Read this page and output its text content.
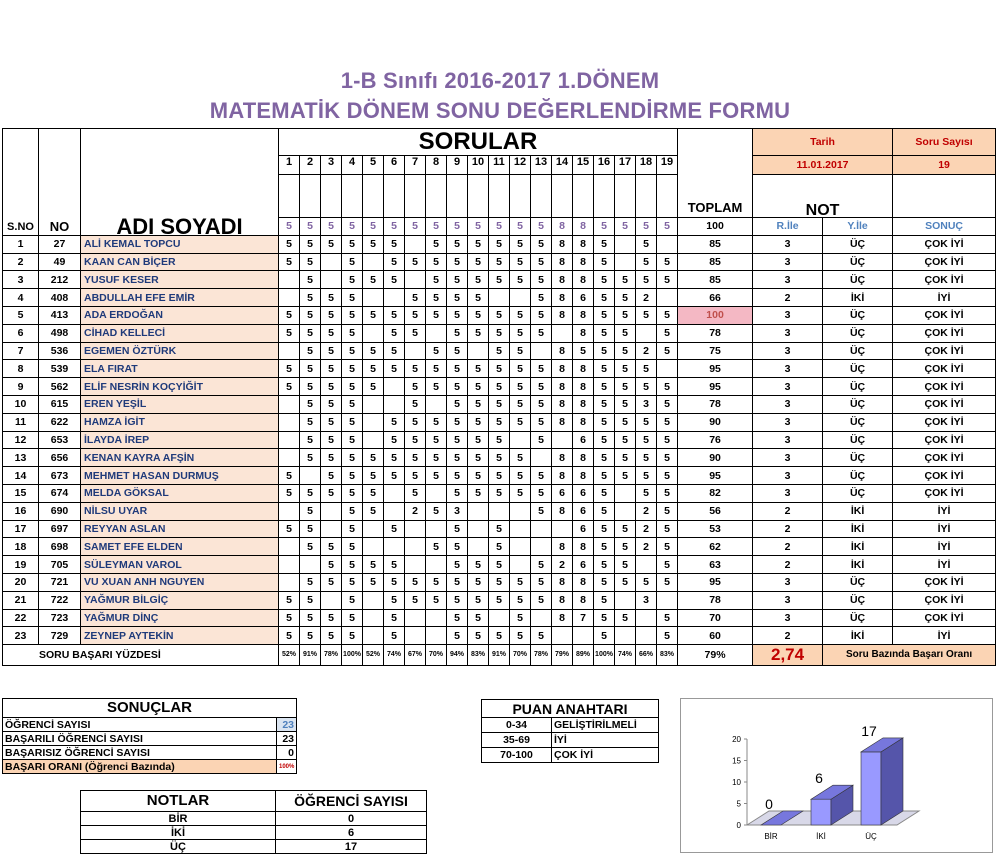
1-B Sınıfı 2016-2017 1.DÖNEM
MATEMATİK DÖNEM SONU DEĞERLENDİRME FORMU
S.NO	NO	ADI SOYADI	SORULAR																			TOPLAM	Tarih		Soru Sayısı
			1	2	3	4	5	6	7	8	9	10	11	12	13	14	15	16	17	18	19		11.01.2017		19
																							NOT		
			5	5	5	5	5	5	5	5	5	5	5	5	5	8	8	5	5	5	5	100	R.İle	Y.İle	SONUÇ
1	27	ALİ KEMAL TOPCU	5	5	5	5	5	5		5	5	5	5	5	5	8	8	5		5		85	3	ÜÇ	ÇOK İYİ
2	49	KAAN CAN BİÇER	5	5		5		5	5	5	5	5	5	5	5	8	8	5		5	5	85	3	ÜÇ	ÇOK İYİ
3	212	YUSUF KESER		5		5	5	5		5	5	5	5	5	5	8	8	5	5	5	5	85	3	ÜÇ	ÇOK İYİ
4	408	ABDULLAH EFE EMİR		5	5	5			5	5	5	5			5	8	6	5	5	2		66	2	İKİ	İYİ
5	413	ADA ERDOĞAN	5	5	5	5	5	5	5	5	5	5	5	5	5	8	8	5	5	5	5	100	3	ÜÇ	ÇOK İYİ
6	498	CİHAD KELLECİ	5	5	5	5		5	5		5	5	5	5	5		8	5	5		5	78	3	ÜÇ	ÇOK İYİ
7	536	EGEMEN ÖZTÜRK		5	5	5	5	5		5	5		5	5		8	5	5	5	2	5	75	3	ÜÇ	ÇOK İYİ
8	539	ELA FIRAT	5	5	5	5	5	5	5	5	5	5	5	5	5	8	8	5	5	5		95	3	ÜÇ	ÇOK İYİ
9	562	ELİF NESRİN KOÇYİĞİT	5	5	5	5	5		5	5	5	5	5	5	5	8	8	5	5	5	5	95	3	ÜÇ	ÇOK İYİ
10	615	EREN YEŞİL		5	5	5			5		5	5	5	5	5	8	8	5	5	3	5	78	3	ÜÇ	ÇOK İYİ
11	622	HAMZA İGİT		5	5	5		5	5	5	5	5	5	5	5	8	8	5	5	5	5	90	3	ÜÇ	ÇOK İYİ
12	653	İLAYDA İREP		5	5	5		5	5	5	5	5	5		5		6	5	5	5	5	76	3	ÜÇ	ÇOK İYİ
13	656	KENAN KAYRA AFŞİN		5	5	5	5	5	5	5	5	5	5	5		8	8	5	5	5	5	90	3	ÜÇ	ÇOK İYİ
14	673	MEHMET HASAN DURMUŞ	5		5	5	5	5	5	5	5	5	5	5	5	8	8	5	5	5	5	95	3	ÜÇ	ÇOK İYİ
15	674	MELDA GÖKSAL	5	5	5	5	5		5		5	5	5	5	5	6	6	5		5	5	82	3	ÜÇ	ÇOK İYİ
16	690	NİLSU UYAR		5		5	5		2	5	3				5	8	6	5		2	5	56	2	İKİ	İYİ
17	697	REYYAN ASLAN	5	5		5		5			5		5				6	5	5	2	5	53	2	İKİ	İYİ
18	698	SAMET EFE ELDEN		5	5	5				5	5		5			8	8	5	5	2	5	62	2	İKİ	İYİ
19	705	SÜLEYMAN VAROL			5	5	5	5			5	5	5		5	2	6	5	5		5	63	2	İKİ	İYİ
20	721	VU XUAN ANH NGUYEN		5	5	5	5	5	5	5	5	5	5	5	5	8	8	5	5	5	5	95	3	ÜÇ	ÇOK İYİ
21	722	YAĞMUR BİLGİÇ	5	5		5		5	5	5	5	5	5	5	5	8	8	5		3		78	3	ÜÇ	ÇOK İYİ
22	723	YAĞMUR DİNÇ	5	5	5	5		5			5	5		5		8	7	5	5		5	70	3	ÜÇ	ÇOK İYİ
23	729	ZEYNEP AYTEKİN	5	5	5	5		5			5	5	5	5	5			5			5	60	2	İKİ	İYİ
SORU BAŞARI YÜZDESİ			52%	91%	78%	100%	52%	74%	67%	70%	94%	83%	91%	70%	78%	79%	89%	100%	74%	66%	83%	79%	2,74	Soru Bazında Başarı Oranı	
SONUÇLAR	
ÖĞRENCİ SAYISI	23
BAŞARILI ÖĞRENCİ SAYISI	23
BAŞARISIZ ÖĞRENCİ SAYISI	0
BAŞARI ORANI (Öğrenci Bazında)	100%
PUAN ANAHTARI	
0-34	GELİŞTİRİLMELİ
35-69	İYİ
70-100	ÇOK İYİ
NOTLAR	ÖĞRENCİ SAYISI
BİR	0
İKİ	6
ÜÇ	17
0
5
10
15
20
0
BİR
6
İKİ
17
ÜÇ
